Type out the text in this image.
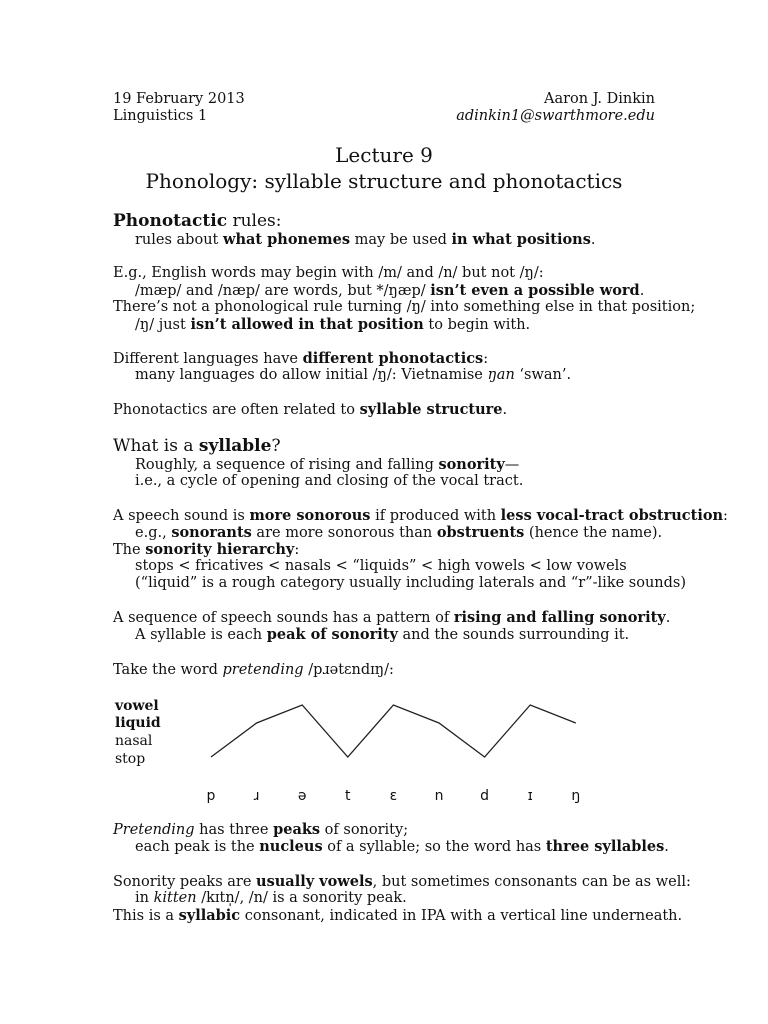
19 February 2013
Linguistics 1
Aaron J. Dinkin
adinkin1@swarthmore.edu
Lecture 9
Phonology: syllable structure and phonotactics
Phonotactic rules:
rules about what phonemes may be used in what positions.
E.g., English words may begin with /m/ and /n/ but not /ŋ/:
/mæp/ and /næp/ are words, but */ŋæp/ isn’t even a possible word.
There’s not a phonological rule turning /ŋ/ into something else in that position;
/ŋ/ just isn’t allowed in that position to begin with.
Different languages have different phonotactics:
many languages do allow initial /ŋ/: Vietnamise ŋan ‘swan’.
Phonotactics are often related to syllable structure.
What is a syllable?
Roughly, a sequence of rising and falling sonority—
i.e., a cycle of opening and closing of the vocal tract.
A speech sound is more sonorous if produced with less vocal-tract obstruction:
e.g., sonorants are more sonorous than obstruents (hence the name).
The sonority hierarchy:
stops < fricatives < nasals < “liquids” < high vowels < low vowels
(“liquid” is a rough category usually including laterals and “r”-like sounds)
A sequence of speech sounds has a pattern of rising and falling sonority.
A syllable is each peak of sonority and the sounds surrounding it.
Take the word pretending /pɹətɛndɪŋ/:
vowel
liquid
nasal
stop
p	ɹ	ə	t	ɛ	n	d	ɪ	ŋ
Pretending has three peaks of sonority;
each peak is the nucleus of a syllable; so the word has three syllables.
Sonority peaks are usually vowels, but sometimes consonants can be as well:
in kitten /kɪtn̩/, /n/ is a sonority peak.
This is a syllabic consonant, indicated in IPA with a vertical line underneath.
